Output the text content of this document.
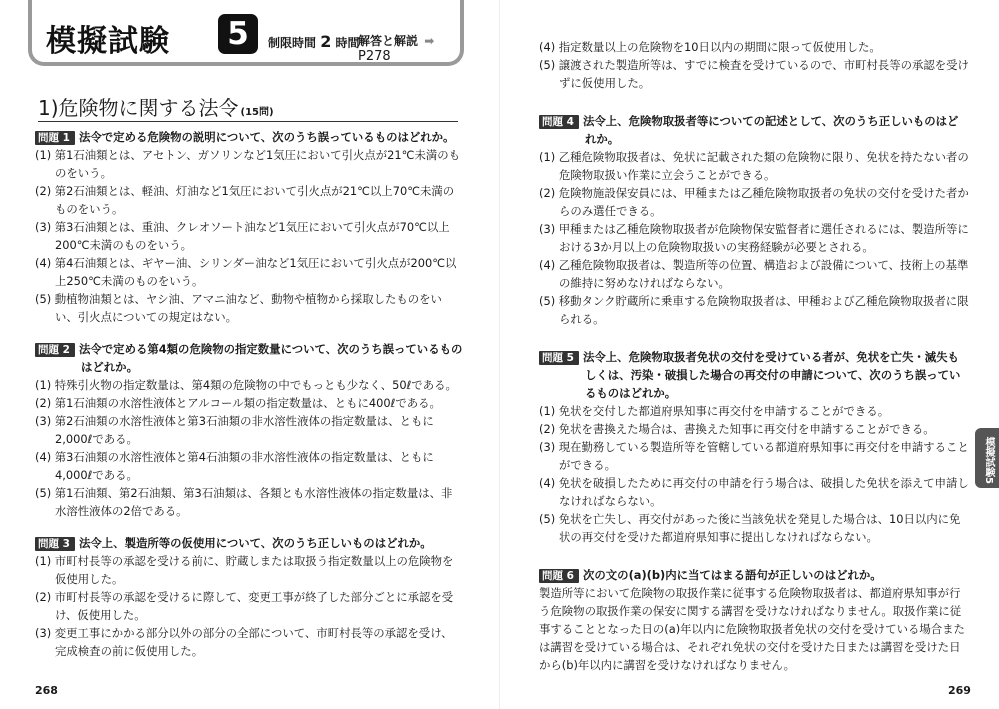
模擬試験 5	制限時間 2 時間
解答と解説 ➡ P278
1)危険物に関する法令 (15問)
問題 1 法令で定める危険物の説明について、次のうち誤っているものはどれか。
(1) 第1石油類とは、アセトン、ガソリンなど1気圧において引火点が21℃未満のものをいう。
(2) 第2石油類とは、軽油、灯油など1気圧において引火点が21℃以上70℃未満のものをいう。
(3) 第3石油類とは、重油、クレオソート油など1気圧において引火点が70℃以上200℃未満のものをいう。
(4) 第4石油類とは、ギヤー油、シリンダー油など1気圧において引火点が200℃以上250℃未満のものをいう。
(5) 動植物油類とは、ヤシ油、アマニ油など、動物や植物から採取したものをいい、引火点についての規定はない。
問題 2 法令で定める第4類の危険物の指定数量について、次のうち誤っているものはどれか。
(1) 特殊引火物の指定数量は、第4類の危険物の中でもっとも少なく、50ℓである。
(2) 第1石油類の水溶性液体とアルコール類の指定数量は、ともに400ℓである。
(3) 第2石油類の水溶性液体と第3石油類の非水溶性液体の指定数量は、ともに2,000ℓである。
(4) 第3石油類の水溶性液体と第4石油類の非水溶性液体の指定数量は、ともに4,000ℓである。
(5) 第1石油類、第2石油類、第3石油類は、各類とも水溶性液体の指定数量は、非水溶性液体の2倍である。
問題 3 法令上、製造所等の仮使用について、次のうち正しいものはどれか。
(1) 市町村長等の承認を受ける前に、貯蔵しまたは取扱う指定数量以上の危険物を仮使用した。
(2) 市町村長等の承認を受けるに際して、変更工事が終了した部分ごとに承認を受け、仮使用した。
(3) 変更工事にかかる部分以外の部分の全部について、市町村長等の承認を受け、完成検査の前に仮使用した。
(4) 指定数量以上の危険物を10日以内の期間に限って仮使用した。
(5) 譲渡された製造所等は、すでに検査を受けているので、市町村長等の承認を受けずに仮使用した。
問題 4 法令上、危険物取扱者等についての記述として、次のうち正しいものはどれか。
(1) 乙種危険物取扱者は、免状に記載された類の危険物に限り、免状を持たない者の危険物取扱い作業に立会うことができる。
(2) 危険物施設保安員には、甲種または乙種危険物取扱者の免状の交付を受けた者からのみ選任できる。
(3) 甲種または乙種危険物取扱者が危険物保安監督者に選任されるには、製造所等における3か月以上の危険物取扱いの実務経験が必要とされる。
(4) 乙種危険物取扱者は、製造所等の位置、構造および設備について、技術上の基準の維持に努めなければならない。
(5) 移動タンク貯蔵所に乗車する危険物取扱者は、甲種および乙種危険物取扱者に限られる。
問題 5 法令上、危険物取扱者免状の交付を受けている者が、免状を亡失・滅失もしくは、汚染・破損した場合の再交付の申請について、次のうち誤っているものはどれか。
(1) 免状を交付した都道府県知事に再交付を申請することができる。
(2) 免状を書換えた場合は、書換えた知事に再交付を申請することができる。
(3) 現在勤務している製造所等を管轄している都道府県知事に再交付を申請することができる。
(4) 免状を破損したために再交付の申請を行う場合は、破損した免状を添えて申請しなければならない。
(5) 免状を亡失し、再交付があった後に当該免状を発見した場合は、10日以内に免状の再交付を受けた都道府県知事に提出しなければならない。
問題 6 次の文の(a)(b)内に当てはまる語句が正しいのはどれか。
製造所等において危険物の取扱作業に従事する危険物取扱者は、都道府県知事が行う危険物の取扱作業の保安に関する講習を受けなければなりません。取扱作業に従事することとなった日の(a)年以内に危険物取扱者免状の交付を受けている場合または講習を受けている場合は、それぞれ免状の交付を受けた日または講習を受けた日から(b)年以内に講習を受けなければなりません。
模擬試験5
268	269
